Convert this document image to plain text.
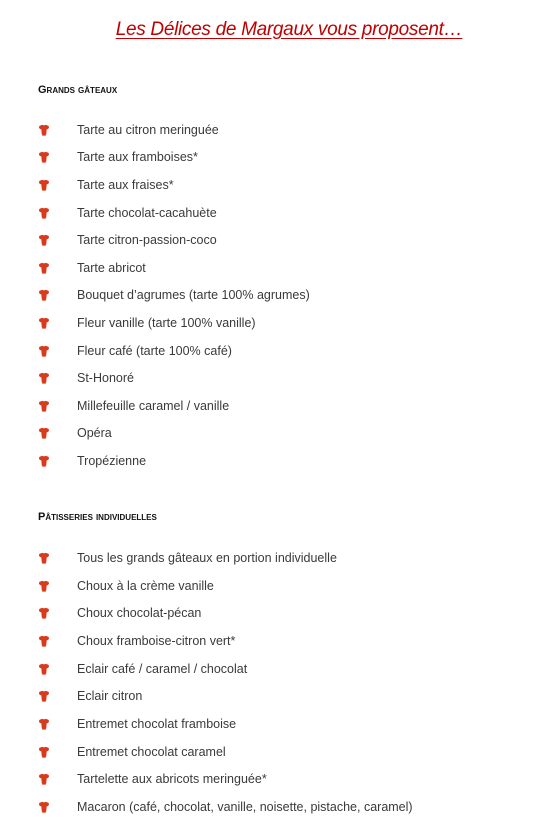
Les Délices de Margaux vous proposent…
Grands gâteaux
Tarte au citron meringuée
Tarte aux framboises*
Tarte aux fraises*
Tarte chocolat-cacahuète
Tarte citron-passion-coco
Tarte abricot
Bouquet d’agrumes (tarte 100% agrumes)
Fleur vanille (tarte 100% vanille)
Fleur café (tarte 100% café)
St-Honoré
Millefeuille caramel / vanille
Opéra
Tropézienne
Pâtisseries individuelles
Tous les grands gâteaux en portion individuelle
Choux à la crème vanille
Choux chocolat-pécan
Choux framboise-citron vert*
Eclair café / caramel / chocolat
Eclair citron
Entremet chocolat framboise
Entremet chocolat caramel
Tartelette aux abricots meringuée*
Macaron (café, chocolat, vanille, noisette, pistache, caramel)
